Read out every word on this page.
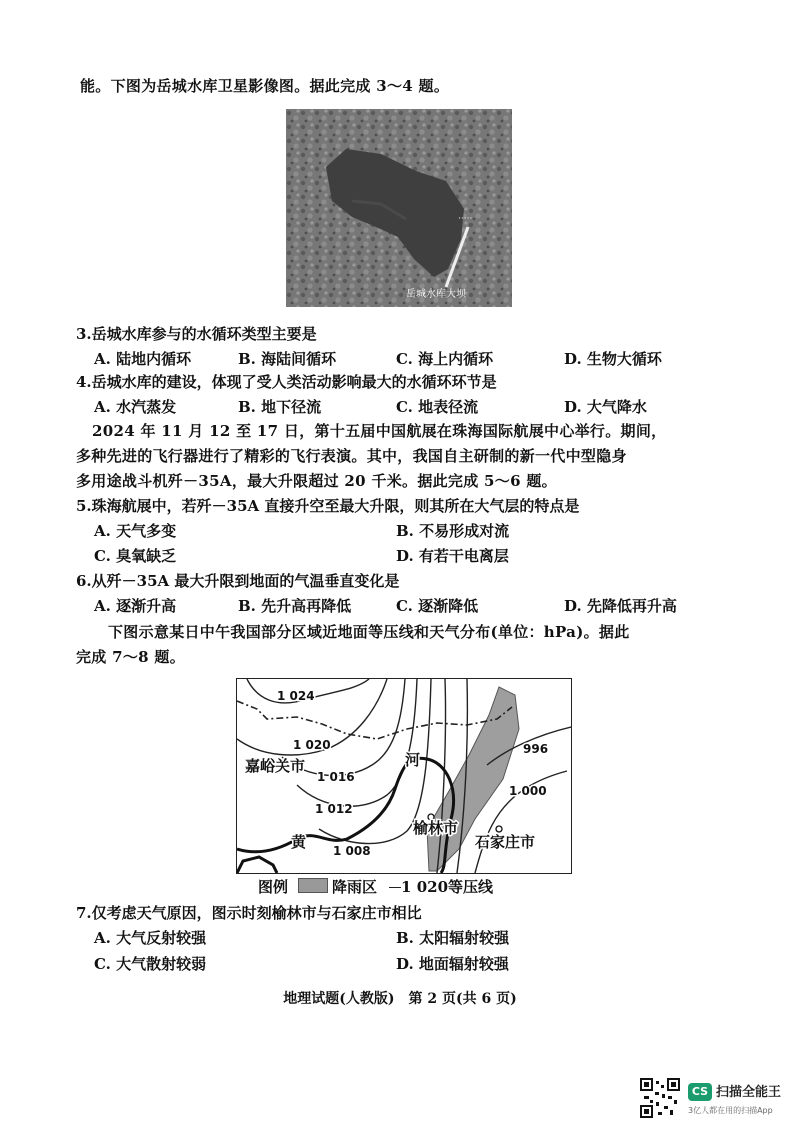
能。下图为岳城水库卫星影像图。据此完成 3～4 题。
·····
岳城水库大坝
3.岳城水库参与的水循环类型主要是
A. 陆地内循环	B. 海陆间循环	C. 海上内循环	D. 生物大循环
4.岳城水库的建设，体现了受人类活动影响最大的水循环环节是
A. 水汽蒸发	B. 地下径流	C. 地表径流	D. 大气降水
2024 年 11 月 12 至 17 日，第十五届中国航展在珠海国际航展中心举行。期间，
多种先进的飞行器进行了精彩的飞行表演。其中，我国自主研制的新一代中型隐身
多用途战斗机歼－35A，最大升限超过 20 千米。据此完成 5～6 题。
5.珠海航展中，若歼－35A 直接升空至最大升限，则其所在大气层的特点是
A. 天气多变	B. 不易形成对流
C. 臭氧缺乏	D. 有若干电离层
6.从歼－35A 最大升限到地面的气温垂直变化是
A. 逐渐升高	B. 先升高再降低	C. 逐渐降低	D. 先降低再升高
下图示意某日中午我国部分区域近地面等压线和天气分布(单位：hPa)。据此
完成 7～8 题。
1 024
1 020
1 016
1 012
1 008
996
1 000
嘉峪关市
榆林市
石家庄市
河
黄
图例	降雨区 1 020等压线
7.仅考虑天气原因，图示时刻榆林市与石家庄市相比
A. 大气反射较强	B. 太阳辐射较强
C. 大气散射较弱	D. 地面辐射较强
地理试题(人教版)　第 2 页(共 6 页)
CS 扫描全能王
3亿人都在用的扫描App
